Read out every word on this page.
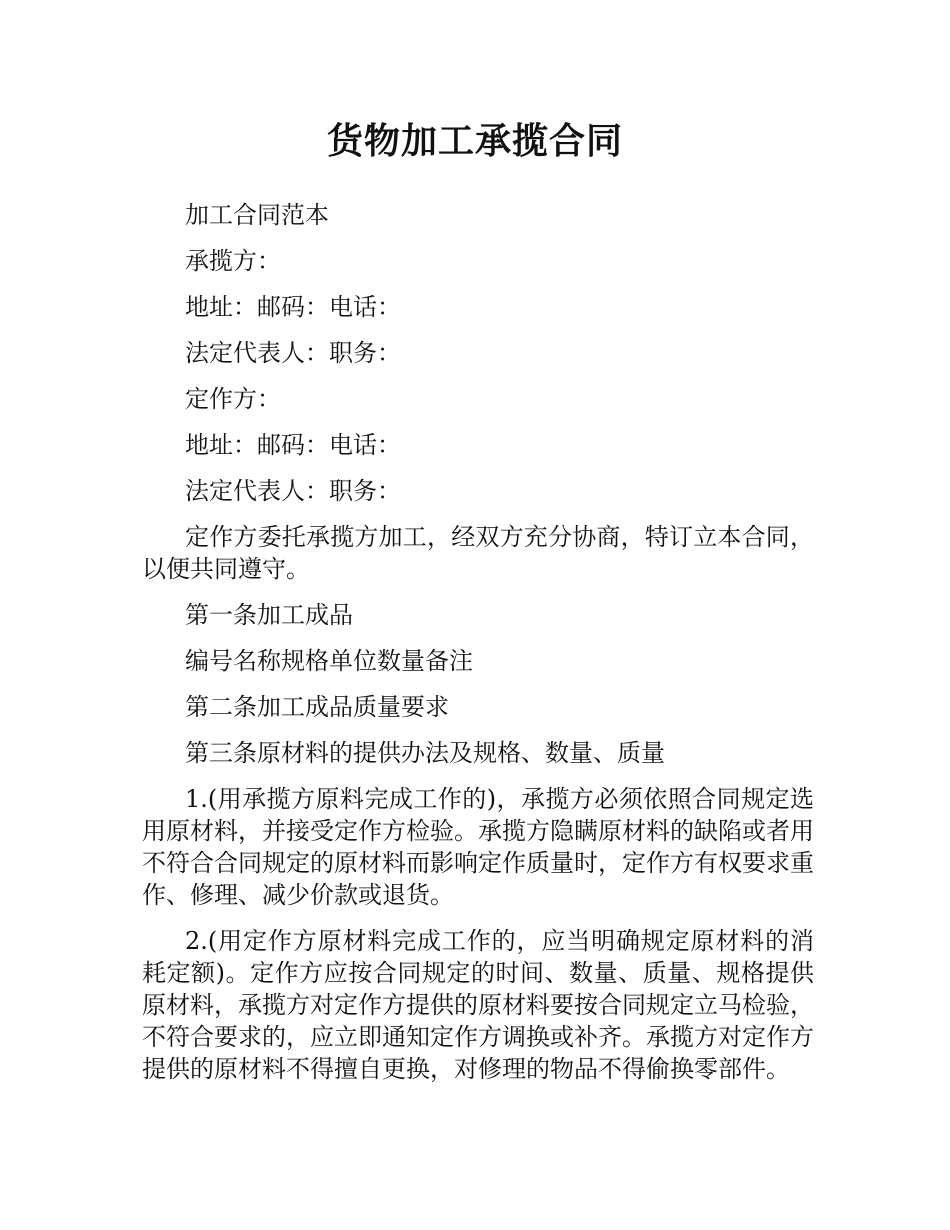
货物加工承揽合同

加工合同范本

承揽方：

地址：邮码：电话：

法定代表人：职务：

定作方：

地址：邮码：电话：

法定代表人：职务：

定作方委托承揽方加工，经双方充分协商，特订立本合同，以便共同遵守。

第一条加工成品

编号名称规格单位数量备注

第二条加工成品质量要求

第三条原材料的提供办法及规格、数量、质量

1.(用承揽方原料完成工作的)，承揽方必须依照合同规定选用原材料，并接受定作方检验。承揽方隐瞒原材料的缺陷或者用不符合合同规定的原材料而影响定作质量时，定作方有权要求重作、修理、减少价款或退货。

2.(用定作方原材料完成工作的，应当明确规定原材料的消耗定额)。定作方应按合同规定的时间、数量、质量、规格提供原材料，承揽方对定作方提供的原材料要按合同规定立马检验，不符合要求的，应立即通知定作方调换或补齐。承揽方对定作方提供的原材料不得擅自更换，对修理的物品不得偷换零部件。
